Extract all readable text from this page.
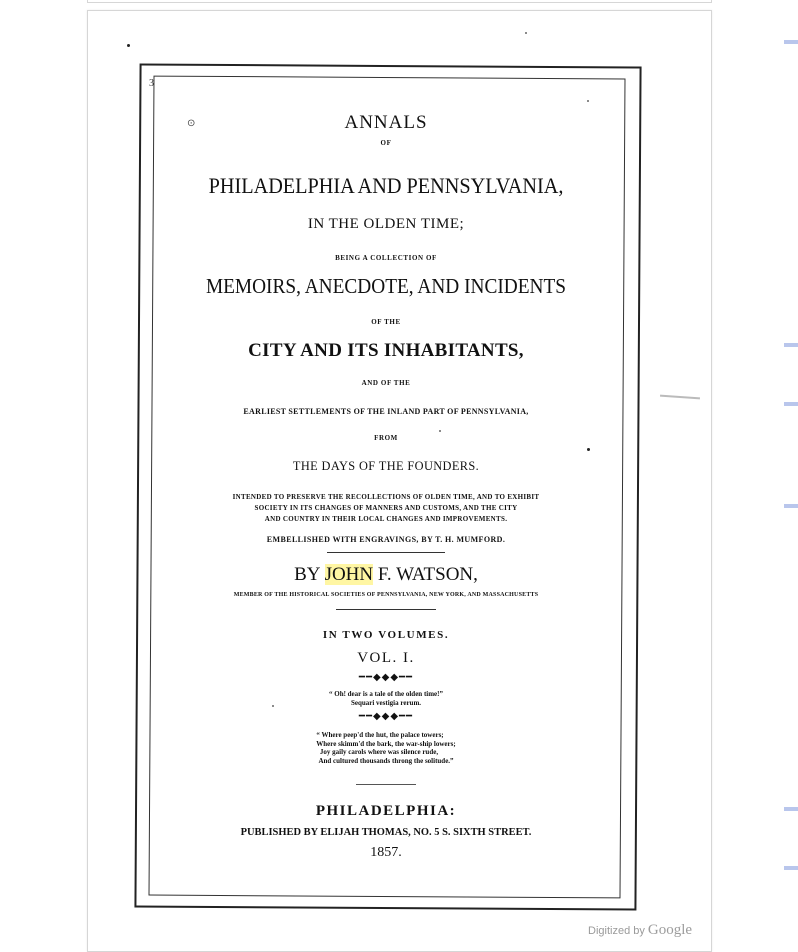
3
⊙	ANNALS
OF
PHILADELPHIA AND PENNSYLVANIA,
IN THE OLDEN TIME;
BEING A COLLECTION OF
MEMOIRS, ANECDOTE, AND INCIDENTS
OF THE
CITY AND ITS INHABITANTS,
AND OF THE
EARLIEST SETTLEMENTS OF THE INLAND PART OF PENNSYLVANIA,
FROM
THE DAYS OF THE FOUNDERS.
INTENDED TO PRESERVE THE RECOLLECTIONS OF OLDEN TIME, AND TO EXHIBIT
SOCIETY IN ITS CHANGES OF MANNERS AND CUSTOMS, AND THE CITY
AND COUNTRY IN THEIR LOCAL CHANGES AND IMPROVEMENTS.
EMBELLISHED WITH ENGRAVINGS, BY T. H. MUMFORD.
BY JOHN F. WATSON,
MEMBER OF THE HISTORICAL SOCIETIES OF PENNSYLVANIA, NEW YORK, AND MASSACHUSETTS
IN TWO VOLUMES.
VOL. I.
━━◆◆◆━━
“ Oh! dear is a tale of the olden time!”
Sequari vestigia rerum.
━━◆◆◆━━
“ Where peep'd the hut, the palace towers;
Where skimm'd the bark, the war-ship lowers;
Joy gaily carols where was silence rude,
And cultured thousands throng the solitude.”
PHILADELPHIA:
PUBLISHED BY ELIJAH THOMAS, NO. 5 S. SIXTH STREET.
1857.
Digitized by Google
